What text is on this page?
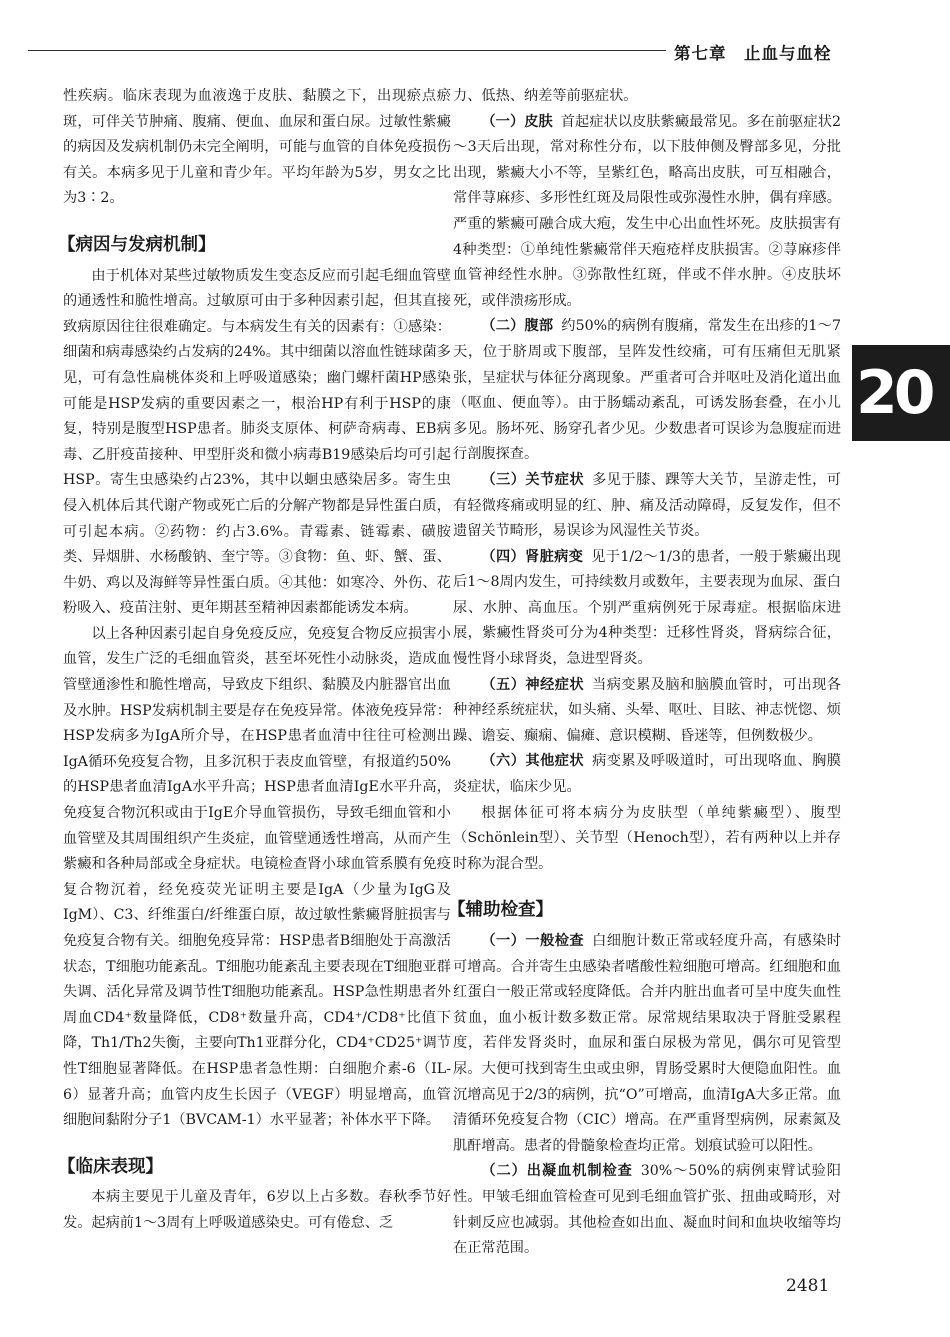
第七章　止血与血栓
20

性疾病。临床表现为血液逸于皮肤、黏膜之下，出现瘀点瘀斑，可伴关节肿痛、腹痛、便血、血尿和蛋白尿。过敏性紫癜的病因及发病机制仍未完全阐明，可能与血管的自体免疫损伤有关。本病多见于儿童和青少年。平均年龄为5岁，男女之比为3∶2。

【病因与发病机制】

由于机体对某些过敏物质发生变态反应而引起毛细血管壁的通透性和脆性增高。过敏原可由于多种因素引起，但其直接致病原因往往很难确定。与本病发生有关的因素有：①感染：细菌和病毒感染约占发病的24%。其中细菌以溶血性链球菌多见，可有急性扁桃体炎和上呼吸道感染；幽门螺杆菌HP感染可能是HSP发病的重要因素之一，根治HP有利于HSP的康复，特别是腹型HSP患者。肺炎支原体、柯萨奇病毒、EB病毒、乙肝疫苗接种、甲型肝炎和微小病毒B19感染后均可引起HSP。寄生虫感染约占23%，其中以蛔虫感染居多。寄生虫侵入机体后其代谢产物或死亡后的分解产物都是异性蛋白质，可引起本病。②药物：约占3.6%。青霉素、链霉素、磺胺类、异烟肼、水杨酸钠、奎宁等。③食物：鱼、虾、蟹、蛋、牛奶、鸡以及海鲜等异性蛋白质。④其他：如寒冷、外伤、花粉吸入、疫苗注射、更年期甚至精神因素都能诱发本病。

以上各种因素引起自身免疫反应，免疫复合物反应损害小血管，发生广泛的毛细血管炎，甚至坏死性小动脉炎，造成血管壁通渗性和脆性增高，导致皮下组织、黏膜及内脏器官出血及水肿。HSP发病机制主要是存在免疫异常。体液免疫异常：HSP发病多为IgA所介导，在HSP患者血清中往往可检测出IgA循环免疫复合物，且多沉积于表皮血管壁，有报道约50%的HSP患者血清IgA水平升高；HSP患者血清IgE水平升高，免疫复合物沉积或由于IgE介导血管损伤，导致毛细血管和小血管壁及其周围组织产生炎症，血管壁通透性增高，从而产生紫癜和各种局部或全身症状。电镜检查肾小球血管系膜有免疫复合物沉着，经免疫荧光证明主要是IgA（少量为IgG及IgM）、C3、纤维蛋白/纤维蛋白原，故过敏性紫癜肾脏损害与免疫复合物有关。细胞免疫异常：HSP患者B细胞处于高激活状态，T细胞功能紊乱。T细胞功能紊乱主要表现在T细胞亚群失调、活化异常及调节性T细胞功能紊乱。HSP急性期患者外周血CD4⁺数量降低，CD8⁺数量升高，CD4⁺/CD8⁺比值下降，Th1/Th2失衡，主要向Th1亚群分化，CD4⁺CD25⁺调节性T细胞显著降低。在HSP患者急性期：白细胞介素-6（IL-6）显著升高；血管内皮生长因子（VEGF）明显增高，血管细胞间黏附分子1（BVCAM-1）水平显著；补体水平下降。

【临床表现】

本病主要见于儿童及青年，6岁以上占多数。春秋季节好发。起病前1～3周有上呼吸道感染史。可有倦怠、乏

力、低热、纳差等前驱症状。

（一）皮肤 首起症状以皮肤紫癜最常见。多在前驱症状2～3天后出现，常对称性分布，以下肢伸侧及臀部多见，分批出现，紫癜大小不等，呈紫红色，略高出皮肤，可互相融合，常伴荨麻疹、多形性红斑及局限性或弥漫性水肿，偶有痒感。严重的紫癜可融合成大疱，发生中心出血性坏死。皮肤损害有4种类型：①单纯性紫癜常伴天疱疮样皮肤损害。②荨麻疹伴血管神经性水肿。③弥散性红斑，伴或不伴水肿。④皮肤坏死，或伴溃疡形成。

（二）腹部 约50%的病例有腹痛，常发生在出疹的1～7天，位于脐周或下腹部，呈阵发性绞痛，可有压痛但无肌紧张，呈症状与体征分离现象。严重者可合并呕吐及消化道出血（呕血、便血等）。由于肠蠕动紊乱，可诱发肠套叠，在小儿多见。肠坏死、肠穿孔者少见。少数患者可误诊为急腹症而进行剖腹探查。

（三）关节症状 多见于膝、踝等大关节，呈游走性，可有轻微疼痛或明显的红、肿、痛及活动障碍，反复发作，但不遗留关节畸形，易误诊为风湿性关节炎。

（四）肾脏病变 见于1/2～1/3的患者，一般于紫癜出现后1～8周内发生，可持续数月或数年，主要表现为血尿、蛋白尿、水肿、高血压。个别严重病例死于尿毒症。根据临床进展，紫癜性肾炎可分为4种类型：迁移性肾炎，肾病综合征，慢性肾小球肾炎，急进型肾炎。

（五）神经症状 当病变累及脑和脑膜血管时，可出现各种神经系统症状，如头痛、头晕、呕吐、目眩、神志恍惚、烦躁、谵妄、癫痫、偏瘫、意识模糊、昏迷等，但例数极少。

（六）其他症状 病变累及呼吸道时，可出现咯血、胸膜炎症状，临床少见。

根据体征可将本病分为皮肤型（单纯紫癜型）、腹型（Schönlein型）、关节型（Henoch型），若有两种以上并存时称为混合型。

【辅助检查】

（一）一般检查 白细胞计数正常或轻度升高，有感染时可增高。合并寄生虫感染者嗜酸性粒细胞可增高。红细胞和血红蛋白一般正常或轻度降低。合并内脏出血者可呈中度失血性贫血，血小板计数多数正常。尿常规结果取决于肾脏受累程度，若伴发肾炎时，血尿和蛋白尿极为常见，偶尔可见管型尿。大便可找到寄生虫或虫卵，胃肠受累时大便隐血阳性。血沉增高见于2/3的病例，抗“O”可增高，血清IgA大多正常。血清循环免疫复合物（CIC）增高。在严重肾型病例，尿素氮及肌酐增高。患者的骨髓象检查均正常。划痕试验可以阳性。

（二）出凝血机制检查 30%～50%的病例束臂试验阳性。甲皱毛细血管检查可见到毛细血管扩张、扭曲或畸形，对针刺反应也减弱。其他检查如出血、凝血时间和血块收缩等均在正常范围。

2481
